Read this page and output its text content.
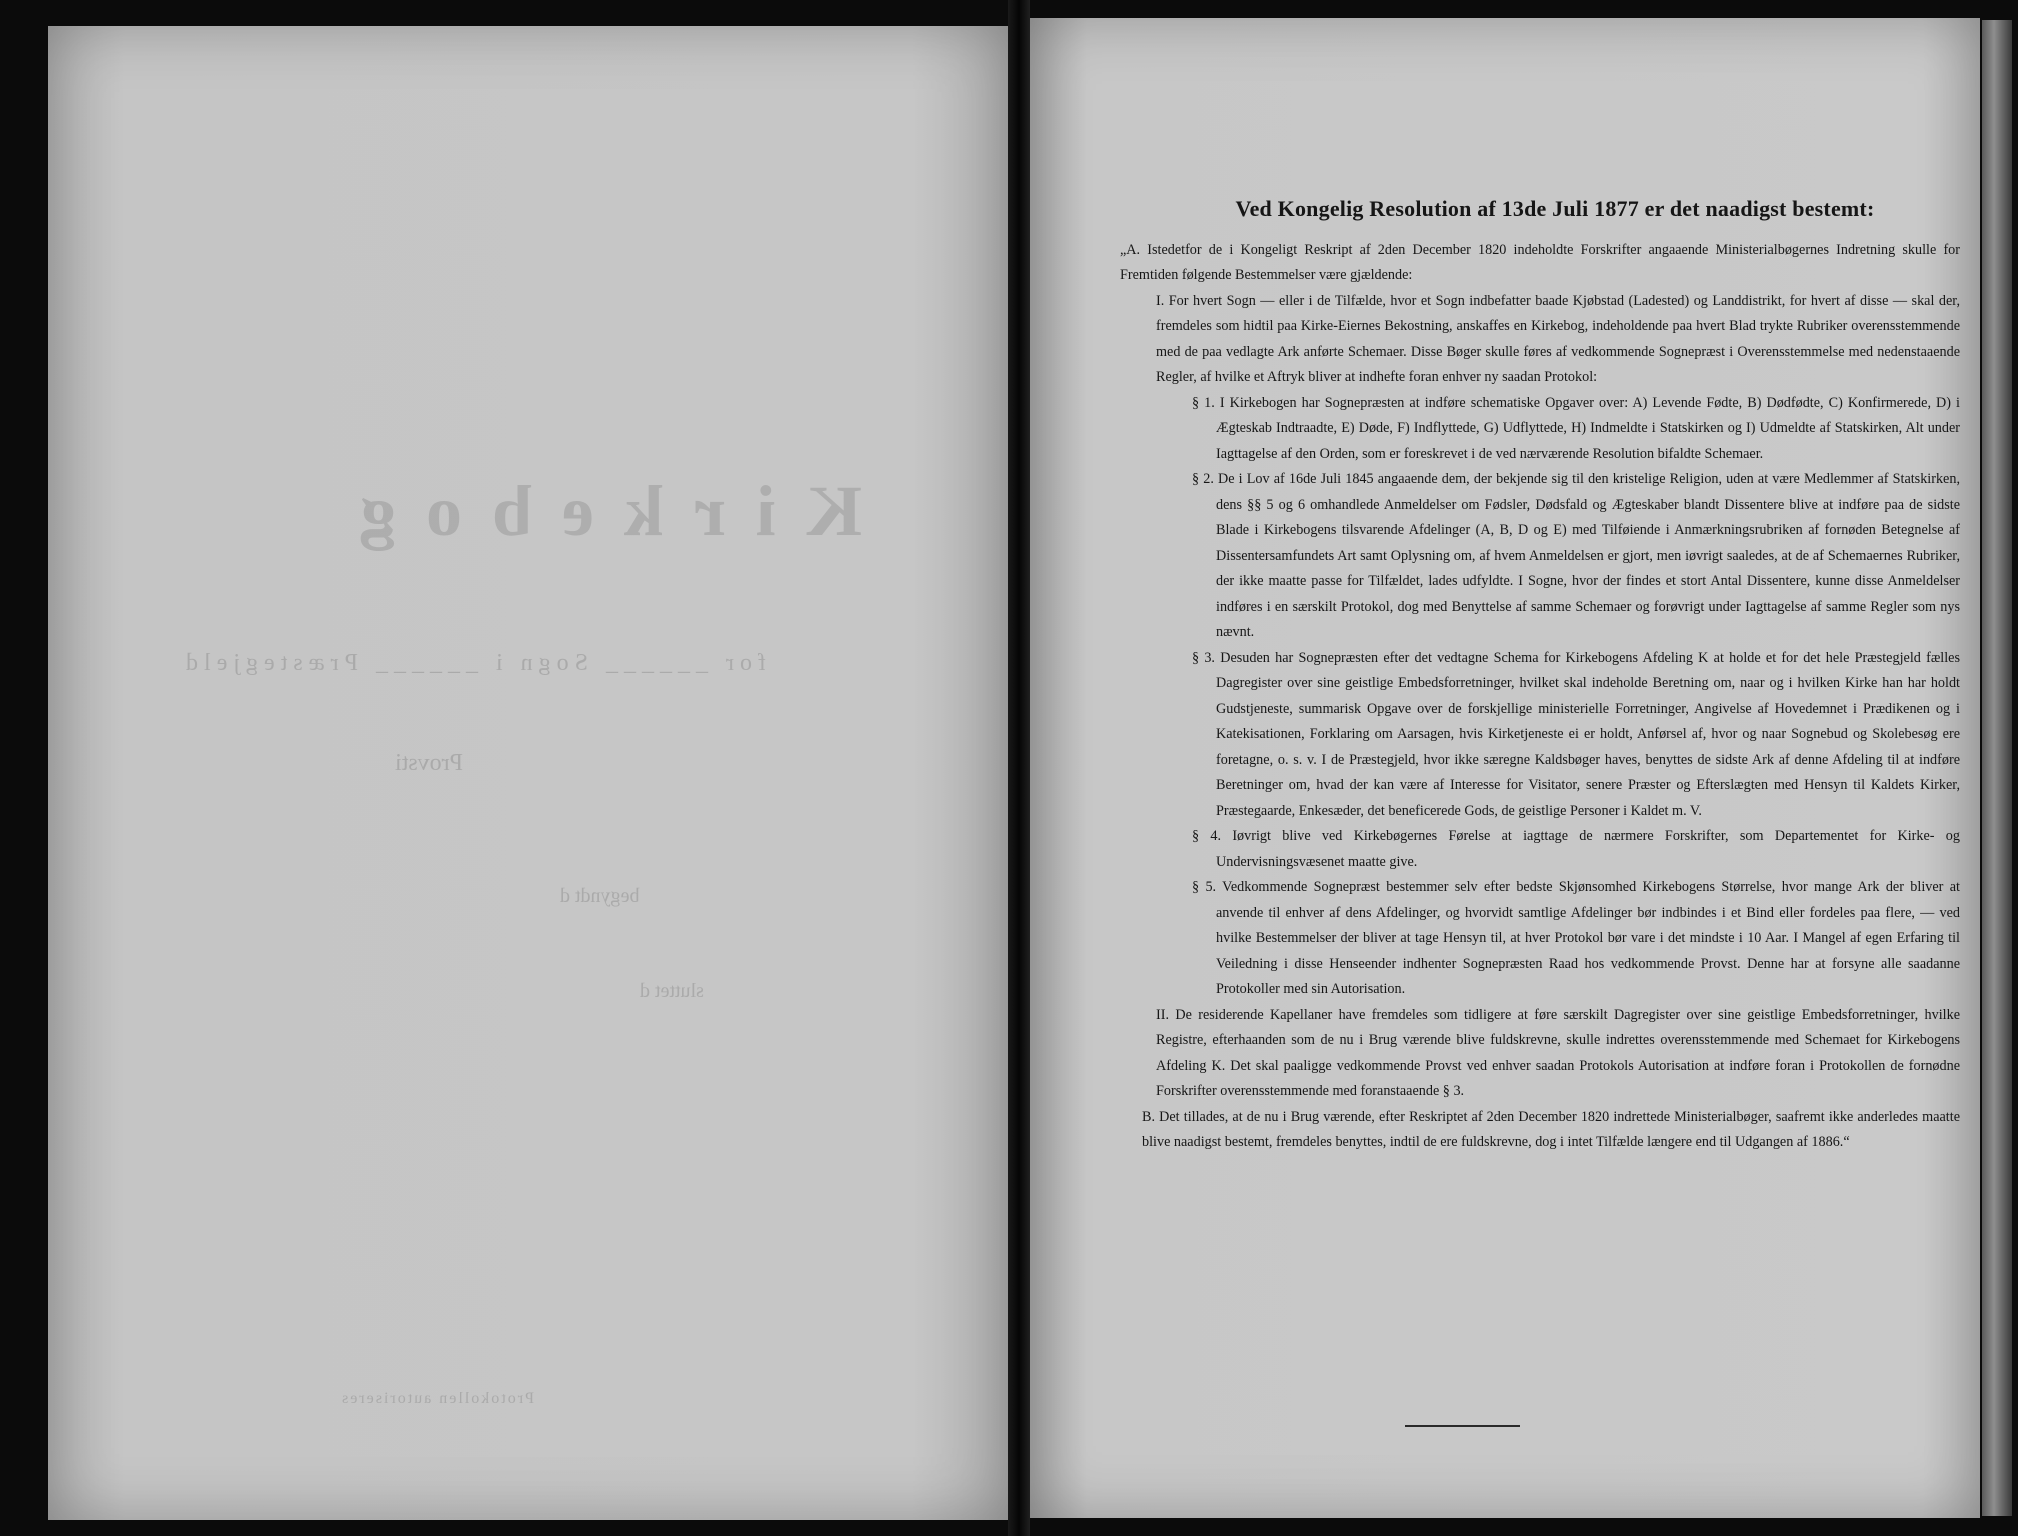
Kirkebog
for ______ Sogn i ______ Præstegjeld
Provsti
begyndt d
sluttet d
Protokollen autoriseres
Ved Kongelig Resolution af 13de Juli 1877 er det naadigst bestemt:

„A. Istedetfor de i Kongeligt Reskript af 2den December 1820 indeholdte Forskrifter angaaende Ministerialbøgernes Indretning skulle for Fremtiden følgende Bestemmelser være gjældende:

I. For hvert Sogn — eller i de Tilfælde, hvor et Sogn indbefatter baade Kjøbstad (Ladested) og Landdistrikt, for hvert af disse — skal der, fremdeles som hidtil paa Kirke-Eiernes Bekostning, anskaffes en Kirkebog, indeholdende paa hvert Blad trykte Rubriker overensstemmende med de paa vedlagte Ark anførte Schemaer. Disse Bøger skulle føres af vedkommende Sognepræst i Overensstemmelse med nedenstaaende Regler, af hvilke et Aftryk bliver at indhefte foran enhver ny saadan Protokol:

§ 1. I Kirkebogen har Sognepræsten at indføre schematiske Opgaver over: A) Levende Fødte, B) Dødfødte, C) Konfirmerede, D) i Ægteskab Indtraadte, E) Døde, F) Indflyttede, G) Udflyttede, H) Indmeldte i Statskirken og I) Udmeldte af Statskirken, Alt under Iagttagelse af den Orden, som er foreskrevet i de ved nærværende Resolution bifaldte Schemaer.

§ 2. De i Lov af 16de Juli 1845 angaaende dem, der bekjende sig til den kristelige Religion, uden at være Medlemmer af Statskirken, dens §§ 5 og 6 omhandlede Anmeldelser om Fødsler, Dødsfald og Ægteskaber blandt Dissentere blive at indføre paa de sidste Blade i Kirkebogens tilsvarende Afdelinger (A, B, D og E) med Tilføiende i Anmærkningsrubriken af fornøden Betegnelse af Dissentersamfundets Art samt Oplysning om, af hvem Anmeldelsen er gjort, men iøvrigt saaledes, at de af Schemaernes Rubriker, der ikke maatte passe for Tilfældet, lades udfyldte. I Sogne, hvor der findes et stort Antal Dissentere, kunne disse Anmeldelser indføres i en særskilt Protokol, dog med Benyttelse af samme Schemaer og forøvrigt under Iagttagelse af samme Regler som nys nævnt.

§ 3. Desuden har Sognepræsten efter det vedtagne Schema for Kirkebogens Afdeling K at holde et for det hele Præstegjeld fælles Dagregister over sine geistlige Embedsforretninger, hvilket skal indeholde Beretning om, naar og i hvilken Kirke han har holdt Gudstjeneste, summarisk Opgave over de forskjellige ministerielle Forretninger, Angivelse af Hovedemnet i Prædikenen og i Katekisationen, Forklaring om Aarsagen, hvis Kirketjeneste ei er holdt, Anførsel af, hvor og naar Sognebud og Skolebesøg ere foretagne, o. s. v. I de Præstegjeld, hvor ikke særegne Kaldsbøger haves, benyttes de sidste Ark af denne Afdeling til at indføre Beretninger om, hvad der kan være af Interesse for Visitator, senere Præster og Efterslægten med Hensyn til Kaldets Kirker, Præstegaarde, Enkesæder, det beneficerede Gods, de geistlige Personer i Kaldet m. V.

§ 4. Iøvrigt blive ved Kirkebøgernes Førelse at iagttage de nærmere Forskrifter, som Departementet for Kirke- og Undervisningsvæsenet maatte give.

§ 5. Vedkommende Sognepræst bestemmer selv efter bedste Skjønsomhed Kirkebogens Størrelse, hvor mange Ark der bliver at anvende til enhver af dens Afdelinger, og hvorvidt samtlige Afdelinger bør indbindes i et Bind eller fordeles paa flere, — ved hvilke Bestemmelser der bliver at tage Hensyn til, at hver Protokol bør vare i det mindste i 10 Aar. I Mangel af egen Erfaring til Veiledning i disse Henseender indhenter Sognepræsten Raad hos vedkommende Provst. Denne har at forsyne alle saadanne Protokoller med sin Autorisation.

II. De residerende Kapellaner have fremdeles som tidligere at føre særskilt Dagregister over sine geistlige Embedsforretninger, hvilke Registre, efterhaanden som de nu i Brug værende blive fuldskrevne, skulle indrettes overensstemmende med Schemaet for Kirkebogens Afdeling K. Det skal paaligge vedkommende Provst ved enhver saadan Protokols Autorisation at indføre foran i Protokollen de fornødne Forskrifter overensstemmende med foranstaaende § 3.

B. Det tillades, at de nu i Brug værende, efter Reskriptet af 2den December 1820 indrettede Ministerialbøger, saafremt ikke anderledes maatte blive naadigst bestemt, fremdeles benyttes, indtil de ere fuldskrevne, dog i intet Tilfælde længere end til Udgangen af 1886.“
